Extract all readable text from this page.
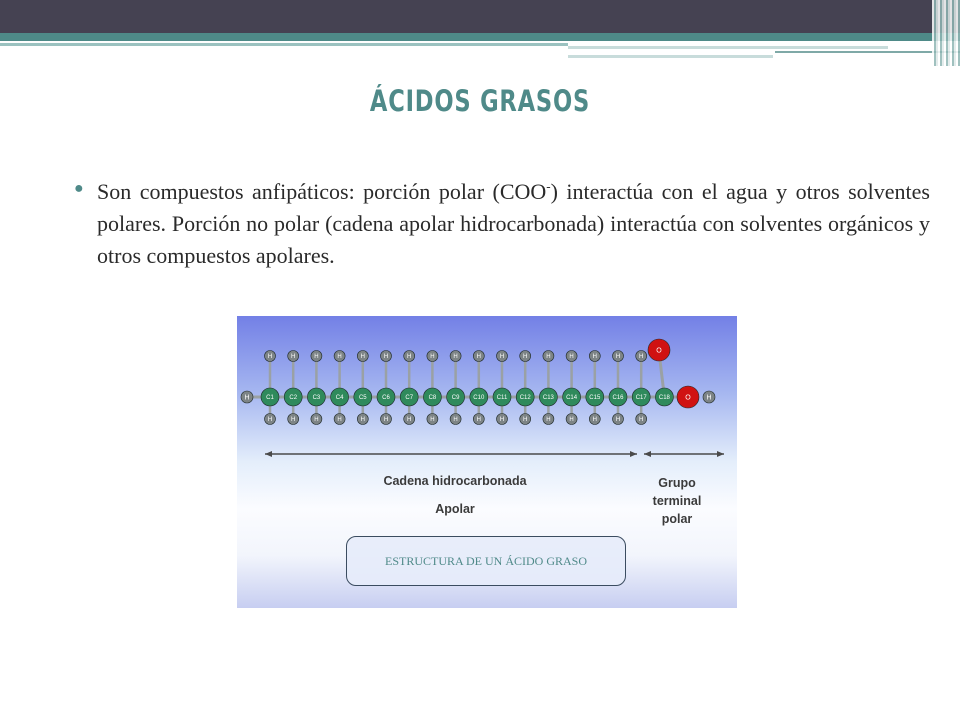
ÁCIDOS GRASOS
● Son compuestos anfipáticos: porción polar (COO-) interactúa con el agua y otros solventes polares. Porción no polar (cadena apolar hidrocarbonada) interactúa con solventes orgánicos y otros compuestos apolares.

H
H
H
C1
H
H
C2
H
H
C3
H
H
C4
H
H
C5
H
H
C6
H
H
C7
H
H
C8
H
H
C9
H
H
C10
H
H
C11
H
H
C12
H
H
C13
H
H
C14
H
H
C15
H
H
C16
H
H
C17 C18
O
O H
Cadena hidrocarbonada
Apolar
Grupo
terminal
polar
ESTRUCTURA DE UN ÁCIDO GRASO
